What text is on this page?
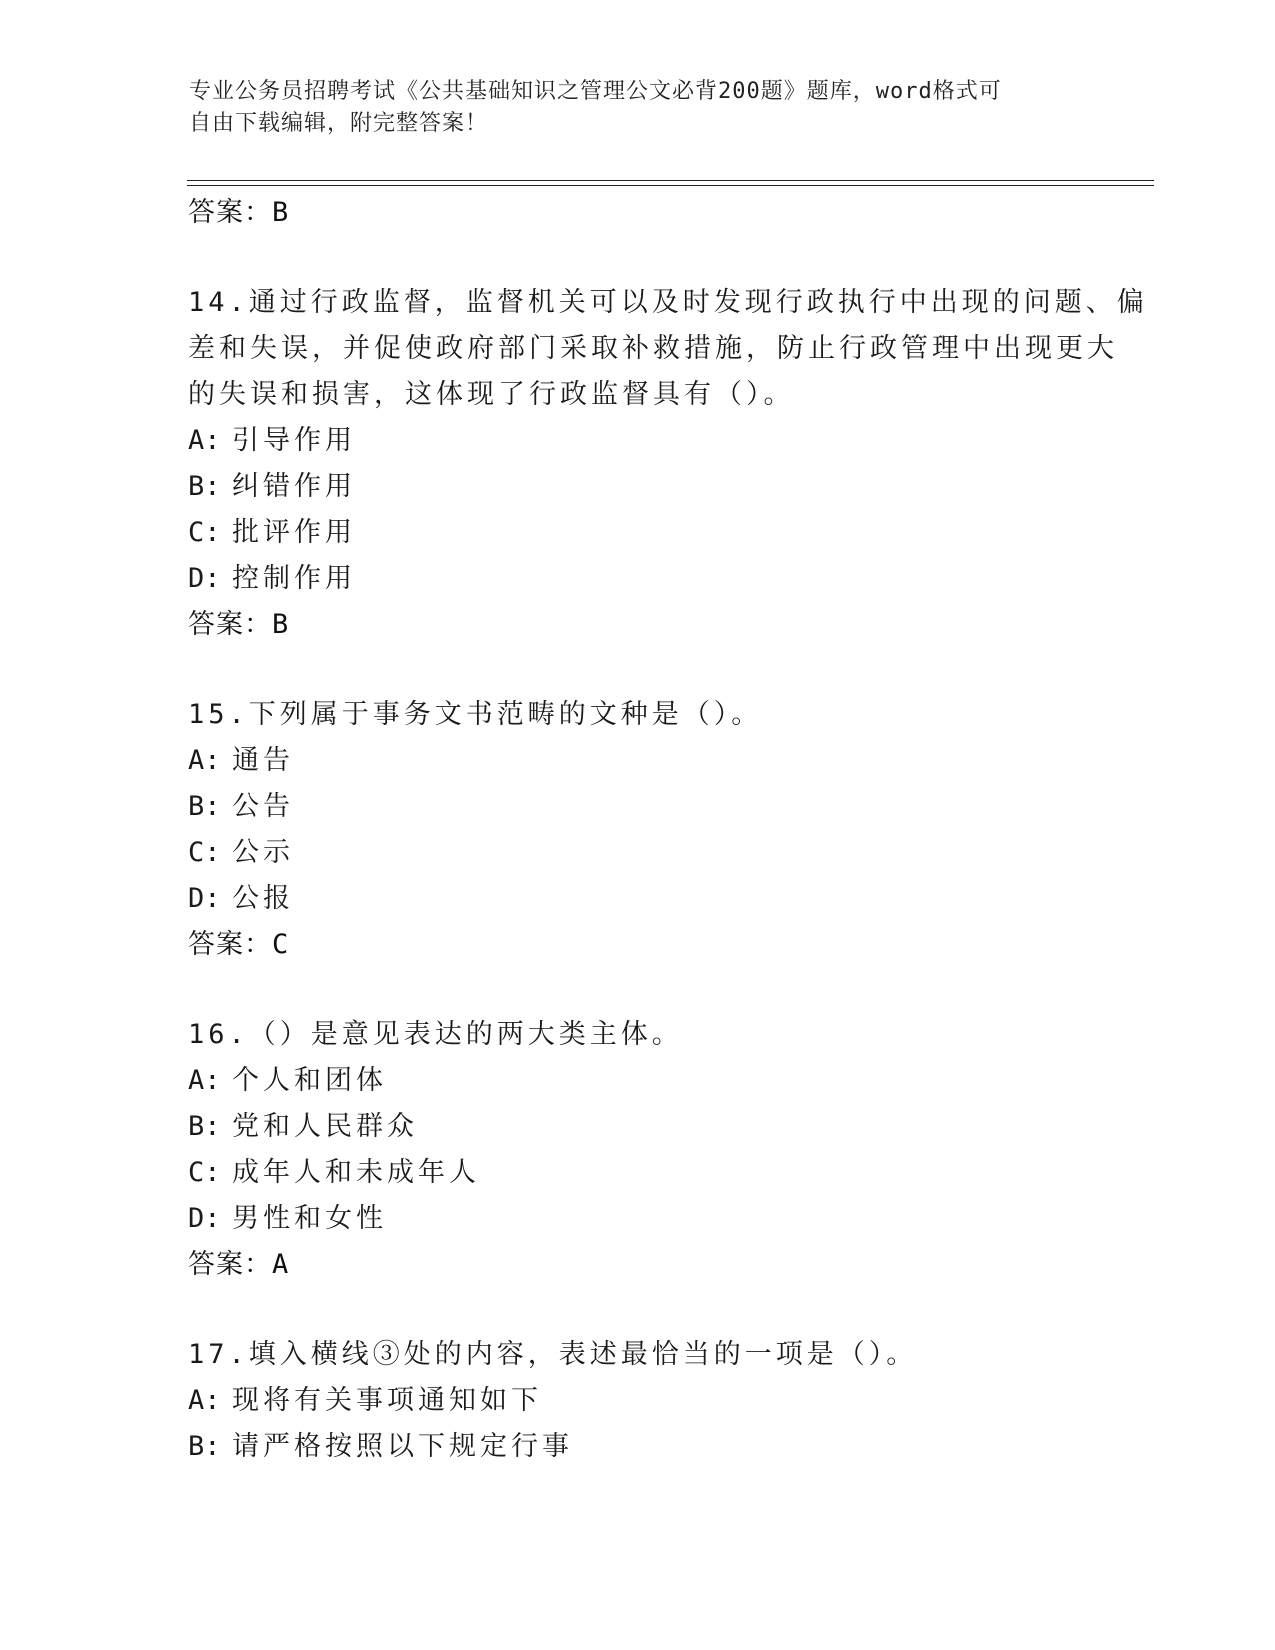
专业公务员招聘考试《公共基础知识之管理公文必背200题》题库，word格式可
自由下载编辑，附完整答案！
答案：B
14.通过行政监督，监督机关可以及时发现行政执行中出现的问题、偏
差和失误，并促使政府部门采取补救措施，防止行政管理中出现更大
的失误和损害，这体现了行政监督具有（）。
A: 引导作用
B: 纠错作用
C: 批评作用
D: 控制作用
答案：B
15.下列属于事务文书范畴的文种是（）。
A: 通告
B: 公告
C: 公示
D: 公报
答案：C
16.（）是意见表达的两大类主体。
A: 个人和团体
B: 党和人民群众
C: 成年人和未成年人
D: 男性和女性
答案：A
17.填入横线③处的内容，表述最恰当的一项是（）。
A: 现将有关事项通知如下
B: 请严格按照以下规定行事
